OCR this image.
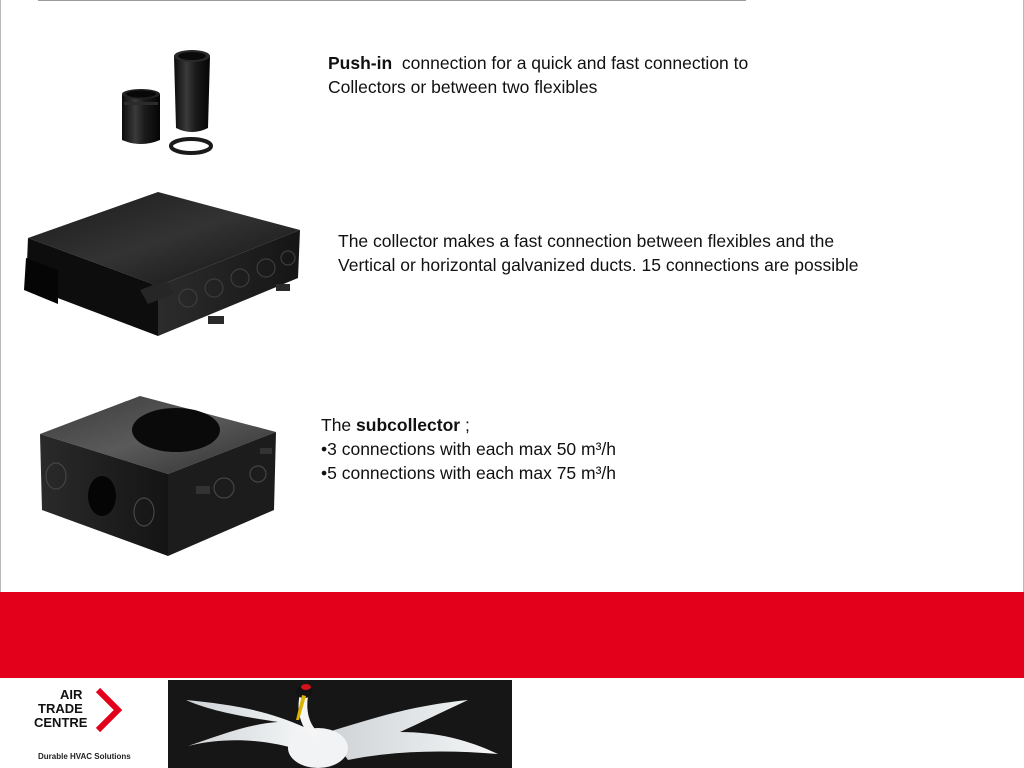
Push-in connection for a quick and fast connection to
Collectors or between two flexibles
The collector makes a fast connection between flexibles and the
Vertical or horizontal galvanized ducts. 15 connections are possible
The subcollector ;
•3 connections with each max 50 m³/h
•5 connections with each max 75 m³/h
AIR
TRADE
CENTRE
Durable HVAC Solutions
